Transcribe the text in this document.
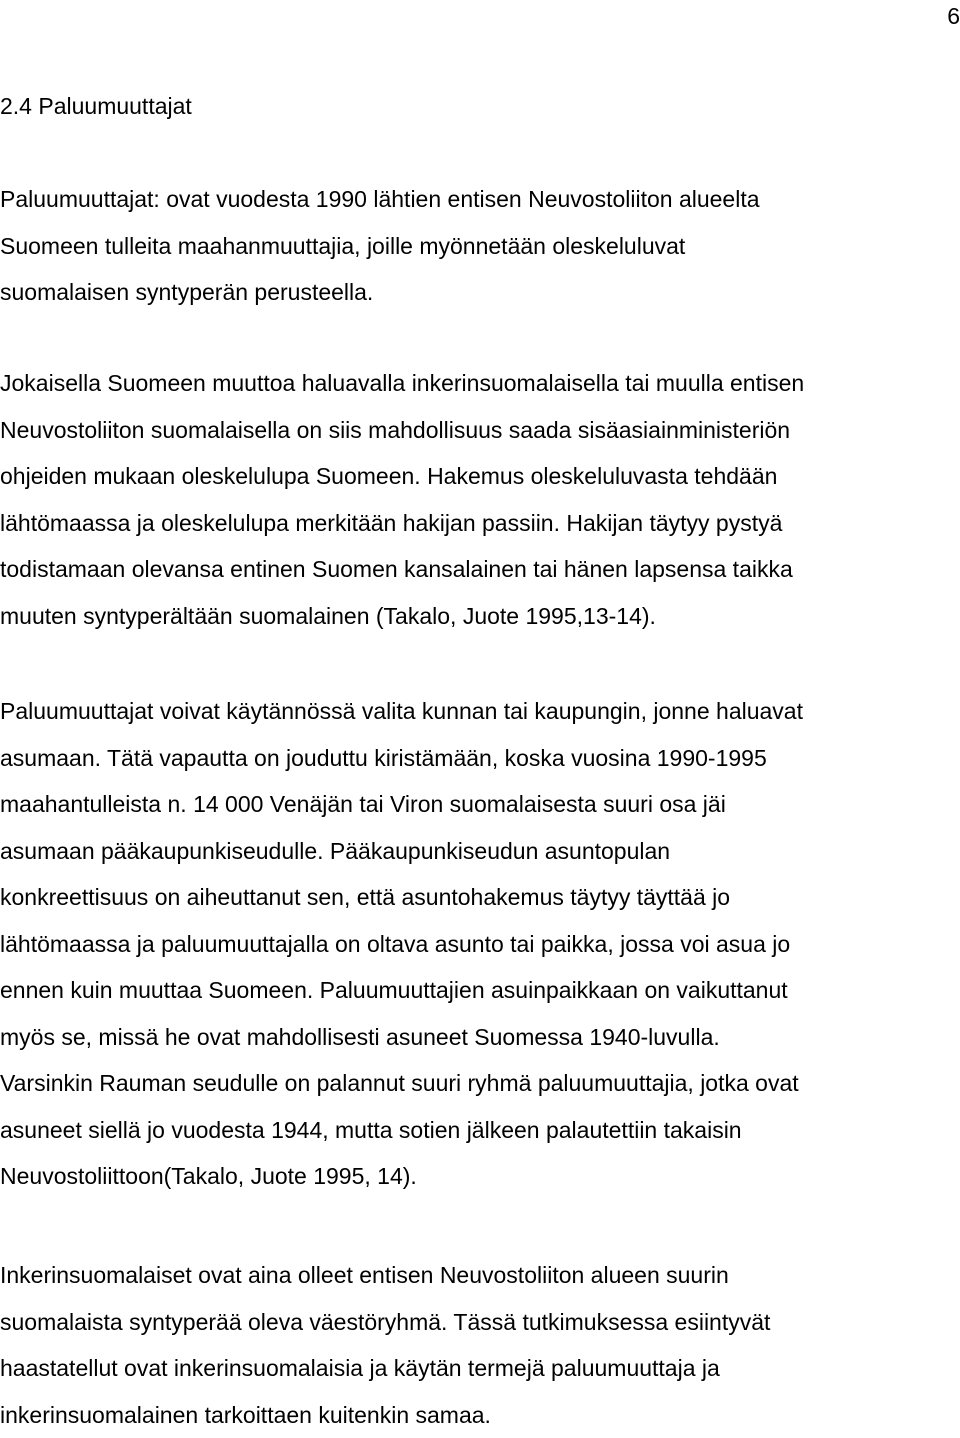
6
2.4 Paluumuuttajat

Paluumuuttajat: ovat vuodesta 1990 lähtien entisen Neuvostoliiton alueelta
Suomeen tulleita maahanmuuttajia, joille myönnetään oleskeluluvat
suomalaisen syntyperän perusteella.

Jokaisella Suomeen muuttoa haluavalla inkerinsuomalaisella tai muulla entisen
Neuvostoliiton suomalaisella on siis mahdollisuus saada sisäasiainministeriön
ohjeiden mukaan oleskelulupa Suomeen. Hakemus oleskeluluvasta tehdään
lähtömaassa ja oleskelulupa merkitään hakijan passiin. Hakijan täytyy pystyä
todistamaan olevansa entinen Suomen kansalainen tai hänen lapsensa taikka
muuten syntyperältään suomalainen (Takalo, Juote 1995,13-14).

Paluumuuttajat voivat käytännössä valita kunnan tai kaupungin, jonne haluavat
asumaan. Tätä vapautta on jouduttu kiristämään, koska vuosina 1990-1995
maahantulleista n. 14 000 Venäjän tai Viron suomalaisesta suuri osa jäi
asumaan pääkaupunkiseudulle. Pääkaupunkiseudun asuntopulan
konkreettisuus on aiheuttanut sen, että asuntohakemus täytyy täyttää jo
lähtömaassa ja paluumuuttajalla on oltava asunto tai paikka, jossa voi asua jo
ennen kuin muuttaa Suomeen. Paluumuuttajien asuinpaikkaan on vaikuttanut
myös se, missä he ovat mahdollisesti asuneet Suomessa 1940-luvulla.
Varsinkin Rauman seudulle on palannut suuri ryhmä paluumuuttajia, jotka ovat
asuneet siellä jo vuodesta 1944, mutta sotien jälkeen palautettiin takaisin
Neuvostoliittoon(Takalo, Juote 1995, 14).

Inkerinsuomalaiset ovat aina olleet entisen Neuvostoliiton alueen suurin
suomalaista syntyperää oleva väestöryhmä. Tässä tutkimuksessa esiintyvät
haastatellut ovat inkerinsuomalaisia ja käytän termejä paluumuuttaja ja
inkerinsuomalainen tarkoittaen kuitenkin samaa.
